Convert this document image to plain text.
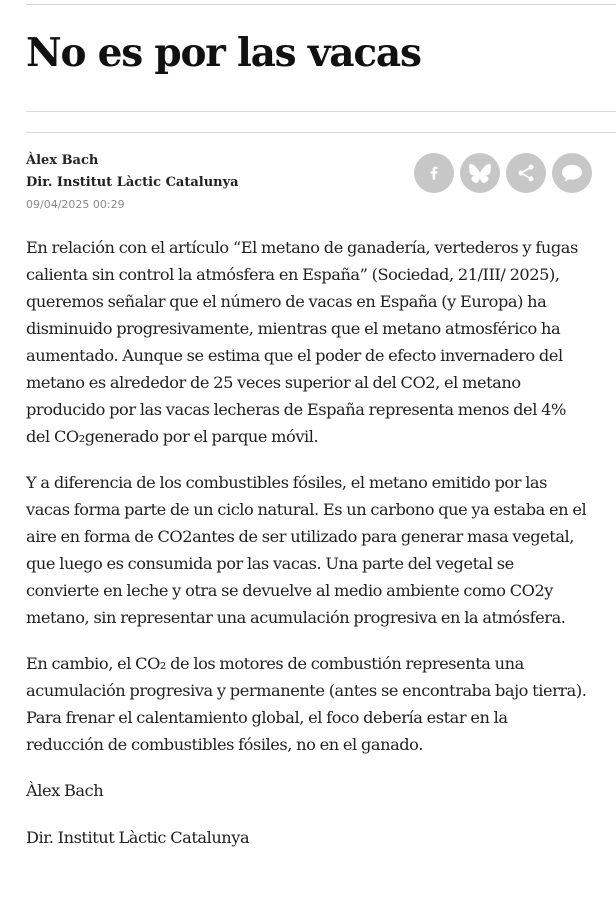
No es por las vacas
Àlex Bach
Dir. Institut Làctic Catalunya
09/04/2025 00:29

En relación con el artículo “El metano de ganadería, vertederos y fugas calienta sin control la atmósfera en España” (Sociedad, 21/III/ 2025), queremos señalar que el número de vacas en España (y Europa) ha disminuido progresivamente, mientras que el metano atmosférico ha aumentado. Aunque se estima que el poder de efecto invernadero del metano es alrededor de 25 veces superior al del CO2, el metano producido por las vacas lecheras de España representa menos del 4% del CO₂generado por el parque móvil.

Y a diferencia de los combustibles fósiles, el metano emitido por las vacas forma parte de un ciclo natural. Es un carbono que ya estaba en el aire en forma de CO2antes de ser utilizado para generar masa vegetal, que luego es consumida por las vacas. Una parte del vegetal se convierte en leche y otra se devuelve al medio ambiente como CO2y metano, sin representar una acumulación progresiva en la atmósfera.

En cambio, el CO₂ de los motores de combustión representa una acumulación progresiva y permanente (antes se encontraba bajo tierra). Para frenar el calentamiento global, el foco debería estar en la reducción de combustibles fósiles, no en el ganado.

Àlex Bach

Dir. Institut Làctic Catalunya
